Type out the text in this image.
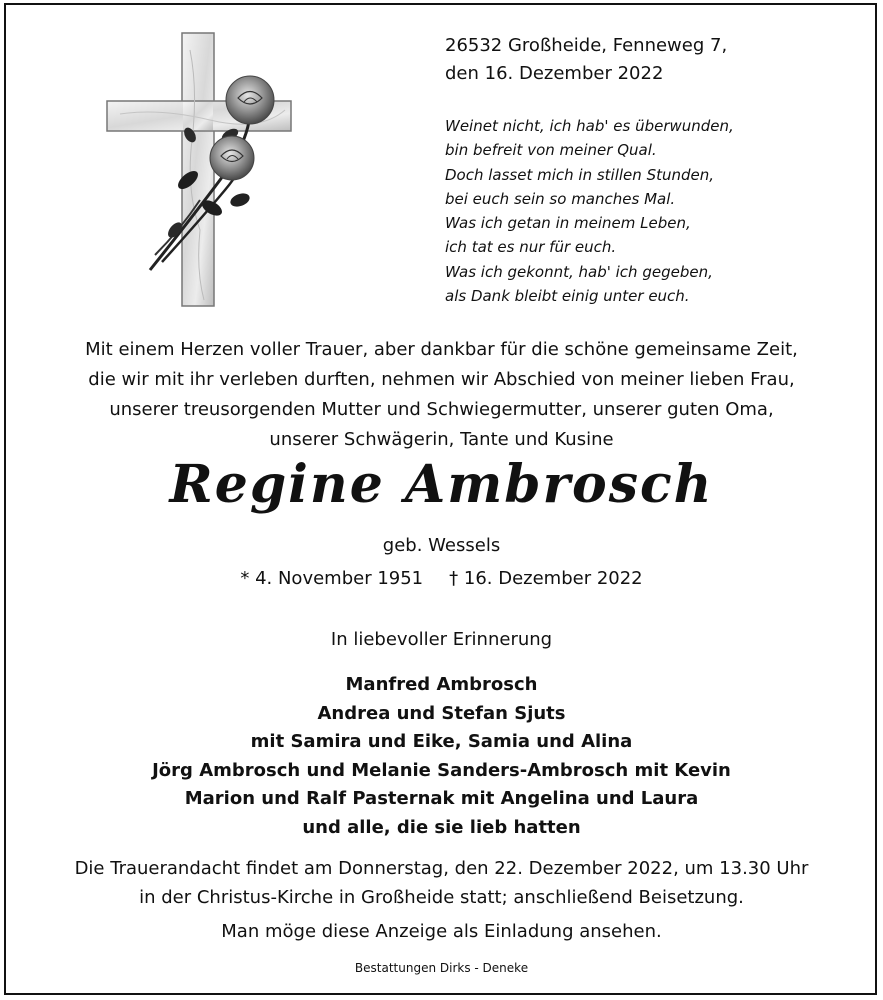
26532 Großheide, Fenneweg 7,
den 16. Dezember 2022
Weinet nicht, ich hab' es überwunden,
bin befreit von meiner Qual.
Doch lasset mich in stillen Stunden,
bei euch sein so manches Mal.
Was ich getan in meinem Leben,
ich tat es nur für euch.
Was ich gekonnt, hab' ich gegeben,
als Dank bleibt einig unter euch.
Mit einem Herzen voller Trauer, aber dankbar für die schöne gemeinsame Zeit,
die wir mit ihr verleben durften, nehmen wir Abschied von meiner lieben Frau,
unserer treusorgenden Mutter und Schwiegermutter, unserer guten Oma,
unserer Schwägerin, Tante und Kusine
Regine Ambrosch
geb. Wessels
* 4. November 1951 † 16. Dezember 2022
In liebevoller Erinnerung
Manfred Ambrosch
Andrea und Stefan Sjuts
mit Samira und Eike, Samia und Alina
Jörg Ambrosch und Melanie Sanders-Ambrosch mit Kevin
Marion und Ralf Pasternak mit Angelina und Laura
und alle, die sie lieb hatten
Die Trauerandacht findet am Donnerstag, den 22. Dezember 2022, um 13.30 Uhr
in der Christus-Kirche in Großheide statt; anschließend Beisetzung.
Man möge diese Anzeige als Einladung ansehen.
Bestattungen Dirks - Deneke
